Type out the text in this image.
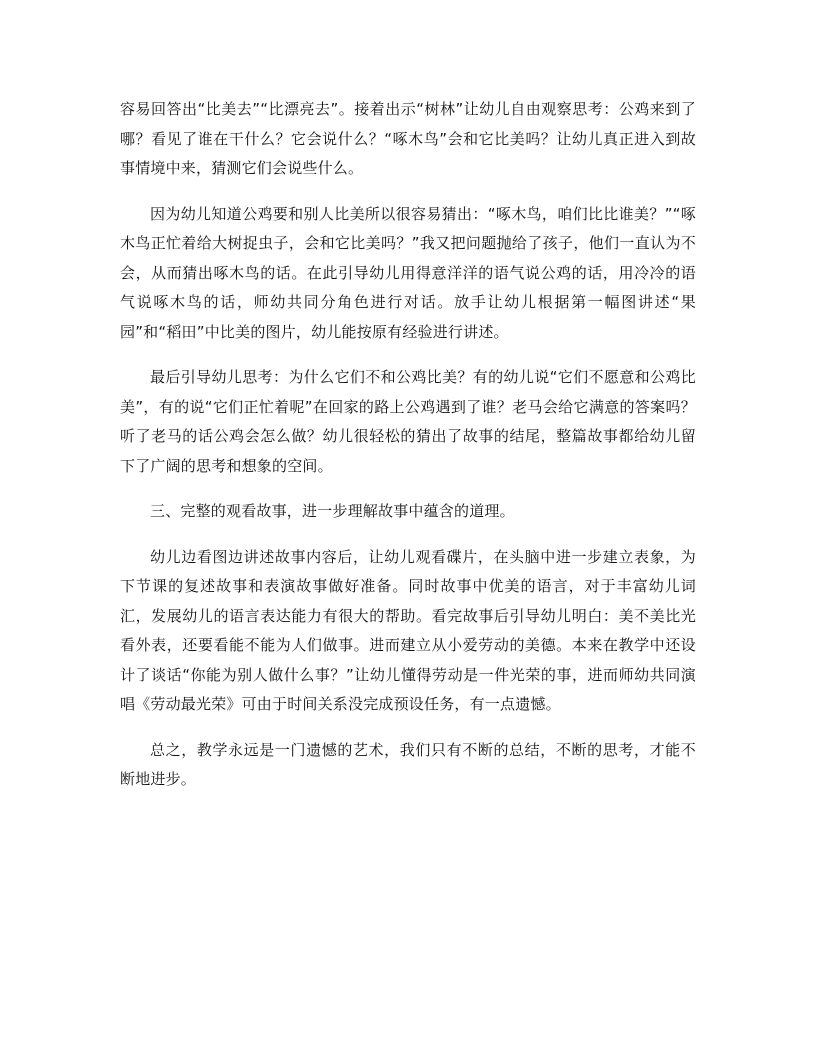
容易回答出“比美去”“比漂亮去”。接着出示“树林”让幼儿自由观察思考：公鸡来到了哪？看见了谁在干什么？它会说什么？“啄木鸟”会和它比美吗？让幼儿真正进入到故事情境中来，猜测它们会说些什么。

因为幼儿知道公鸡要和别人比美所以很容易猜出：“啄木鸟，咱们比比谁美？”“啄木鸟正忙着给大树捉虫子，会和它比美吗？”我又把问题抛给了孩子，他们一直认为不会，从而猜出啄木鸟的话。在此引导幼儿用得意洋洋的语气说公鸡的话，用冷冷的语气说啄木鸟的话，师幼共同分角色进行对话。放手让幼儿根据第一幅图讲述“果园”和“稻田”中比美的图片，幼儿能按原有经验进行讲述。

最后引导幼儿思考：为什么它们不和公鸡比美？有的幼儿说“它们不愿意和公鸡比美”，有的说“它们正忙着呢”在回家的路上公鸡遇到了谁？老马会给它满意的答案吗？听了老马的话公鸡会怎么做？幼儿很轻松的猜出了故事的结尾，整篇故事都给幼儿留下了广阔的思考和想象的空间。

三、完整的观看故事，进一步理解故事中蕴含的道理。

幼儿边看图边讲述故事内容后，让幼儿观看碟片，在头脑中进一步建立表象，为下节课的复述故事和表演故事做好准备。同时故事中优美的语言，对于丰富幼儿词汇，发展幼儿的语言表达能力有很大的帮助。看完故事后引导幼儿明白：美不美比光看外表，还要看能不能为人们做事。进而建立从小爱劳动的美德。本来在教学中还设计了谈话“你能为别人做什么事？”让幼儿懂得劳动是一件光荣的事，进而师幼共同演唱《劳动最光荣》可由于时间关系没完成预设任务，有一点遗憾。

总之，教学永远是一门遗憾的艺术，我们只有不断的总结，不断的思考，才能不断地进步。
